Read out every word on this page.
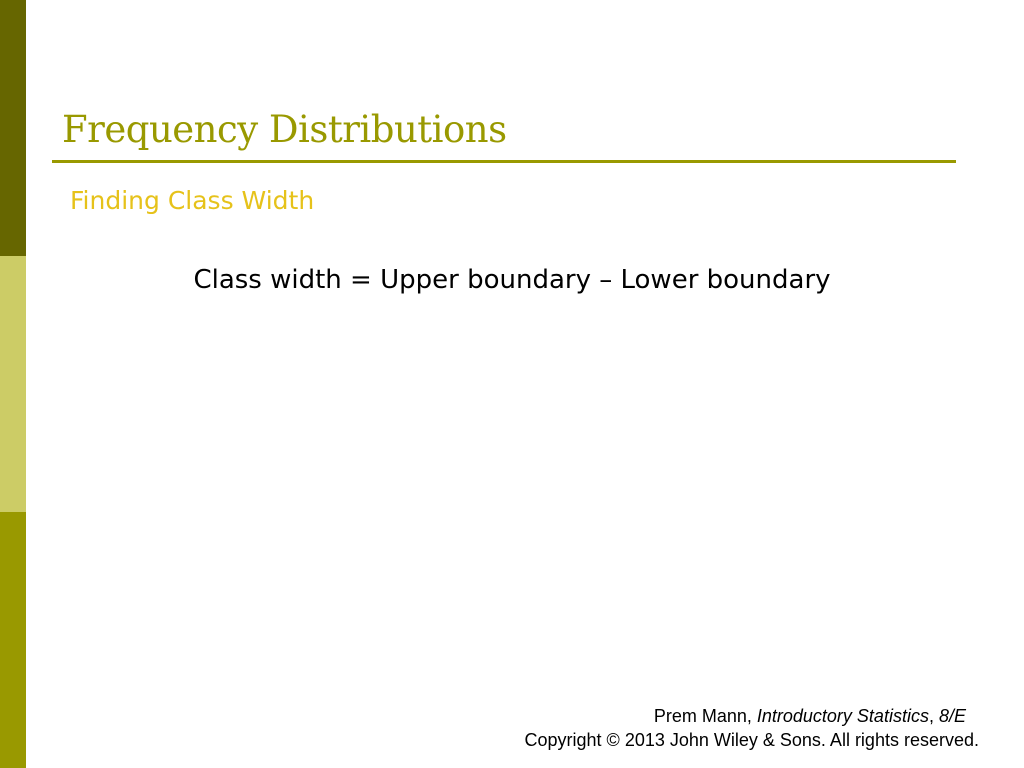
Frequency Distributions
Finding Class Width
Class width = Upper boundary – Lower boundary
Prem Mann, Introductory Statistics, 8/E
Copyright © 2013 John Wiley & Sons. All rights reserved.
